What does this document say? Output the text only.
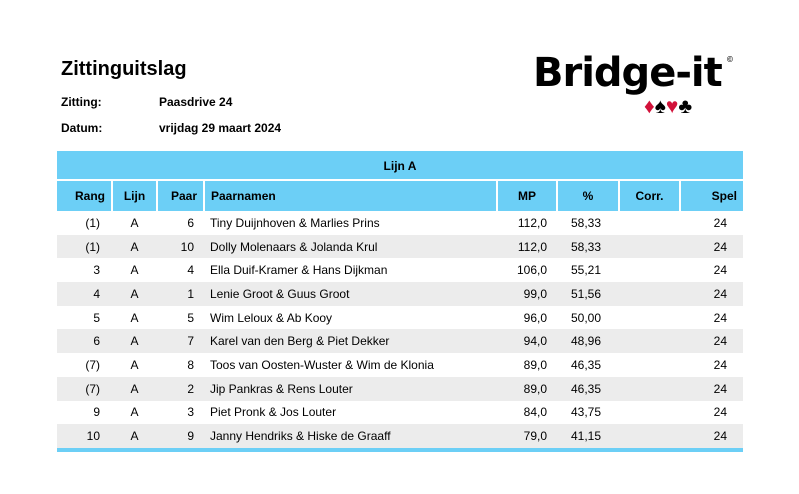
Zittinguitslag
Zitting:	Paasdrive 24
Datum:	vrijdag 29 maart 2024
Bridge-it ©
♦♠♥♣
Lijn A
Rang	Lijn	Paar	Paarnamen	MP	%	Corr.	Spel
(1)	A	6	Tiny Duijnhoven & Marlies Prins	112,0	58,33		24
(1)	A	10	Dolly Molenaars & Jolanda Krul	112,0	58,33		24
3	A	4	Ella Duif-Kramer & Hans Dijkman	106,0	55,21		24
4	A	1	Lenie Groot & Guus Groot	99,0	51,56		24
5	A	5	Wim Leloux & Ab Kooy	96,0	50,00		24
6	A	7	Karel van den Berg & Piet Dekker	94,0	48,96		24
(7)	A	8	Toos van Oosten-Wuster & Wim de Klonia	89,0	46,35		24
(7)	A	2	Jip Pankras & Rens Louter	89,0	46,35		24
9	A	3	Piet Pronk & Jos Louter	84,0	43,75		24
10	A	9	Janny Hendriks & Hiske de Graaff	79,0	41,15		24
